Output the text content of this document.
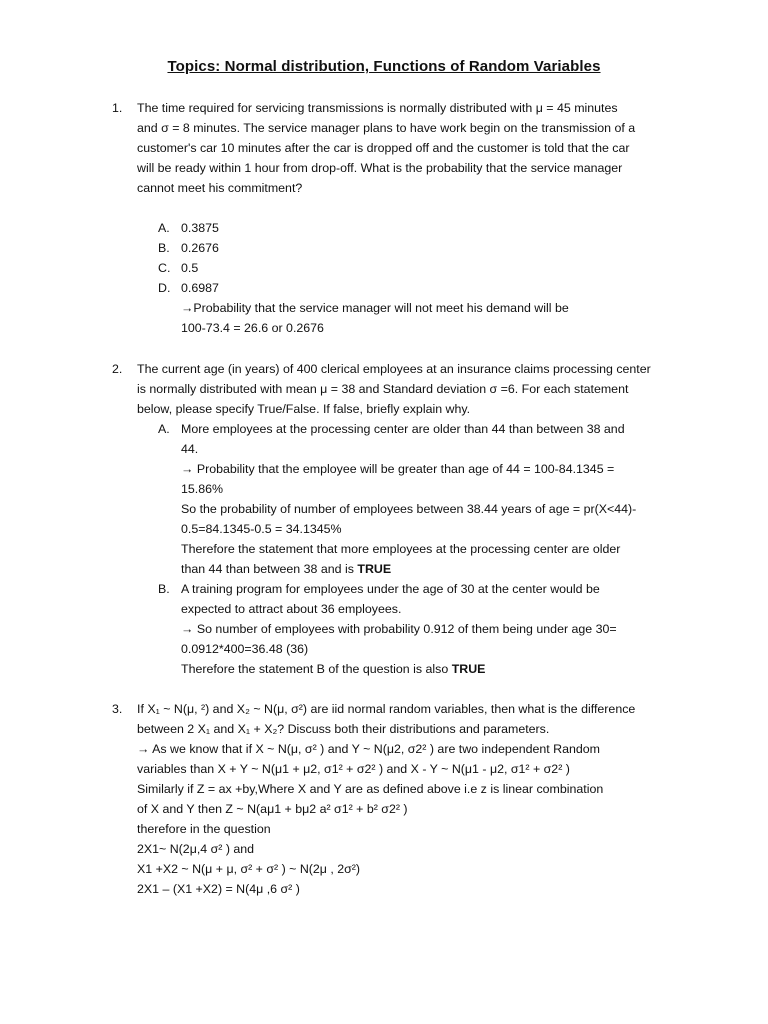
Topics: Normal distribution, Functions of Random Variables
1. The time required for servicing transmissions is normally distributed with μ = 45 minutes
and σ = 8 minutes. The service manager plans to have work begin on the transmission of a
customer's car 10 minutes after the car is dropped off and the customer is told that the car
will be ready within 1 hour from drop-off. What is the probability that the service manager
cannot meet his commitment?
A. 0.3875
B. 0.2676
C. 0.5
D. 0.6987
→Probability that the service manager will not meet his demand will be
100-73.4 = 26.6 or 0.2676
2. The current age (in years) of 400 clerical employees at an insurance claims processing center
is normally distributed with mean μ = 38 and Standard deviation σ =6. For each statement
below, please specify True/False. If false, briefly explain why.
A. More employees at the processing center are older than 44 than between 38 and
44.
→ Probability that the employee will be greater than age of 44 = 100-84.1345 =
15.86%
So the probability of number of employees between 38.44 years of age = pr(X<44)-
0.5=84.1345-0.5 = 34.1345%
Therefore the statement that more employees at the processing center are older
than 44 than between 38 and is TRUE
B. A training program for employees under the age of 30 at the center would be
expected to attract about 36 employees.
→ So number of employees with probability 0.912 of them being under age 30=
0.0912*400=36.48 (36)
Therefore the statement B of the question is also TRUE
3. If X₁ ~ N(μ, ²) and X₂ ~ N(μ, σ²) are iid normal random variables, then what is the difference
between 2 X₁ and X₁ + X₂? Discuss both their distributions and parameters.
→ As we know that if X ~ N(μ, σ² ) and Y ~ N(μ2, σ2² ) are two independent Random
variables than X + Y ~ N(μ1 + μ2, σ1² + σ2² ) and X - Y ~ N(μ1 - μ2, σ1² + σ2² )
Similarly if Z = ax +by,Where X and Y are as defined above i.e z is linear combination
of X and Y then Z ~ N(aμ1 + bμ2 a² σ1² + b² σ2² )
therefore in the question
2X1~ N(2μ,4 σ² ) and
X1 +X2 ~ N(μ + μ, σ² + σ² ) ~ N(2μ , 2σ²)
2X1 – (X1 +X2) = N(4μ ,6 σ² )
